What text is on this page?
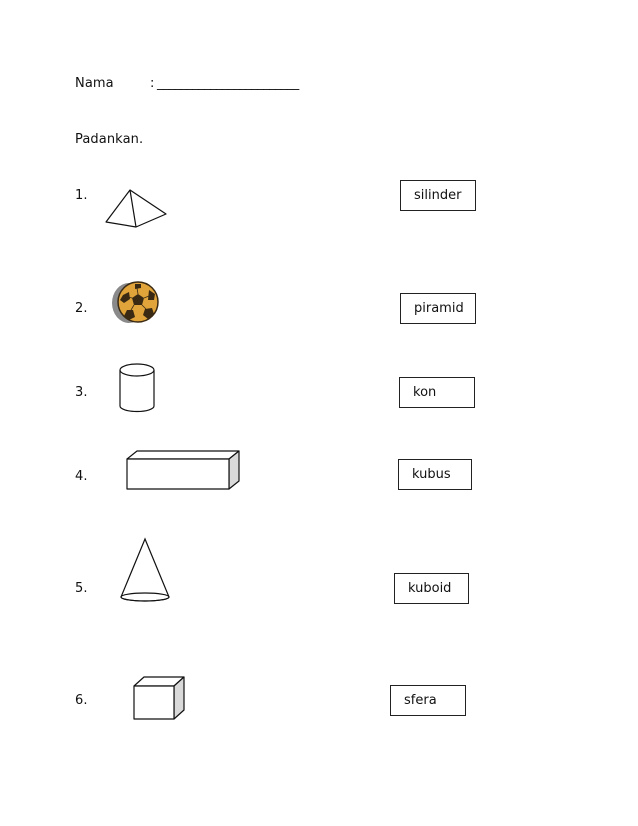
Nama	: ________________________
Padankan.
1.
2.
3.
4.
5.
6.
silinder
piramid
kon
kubus
kuboid
sfera
